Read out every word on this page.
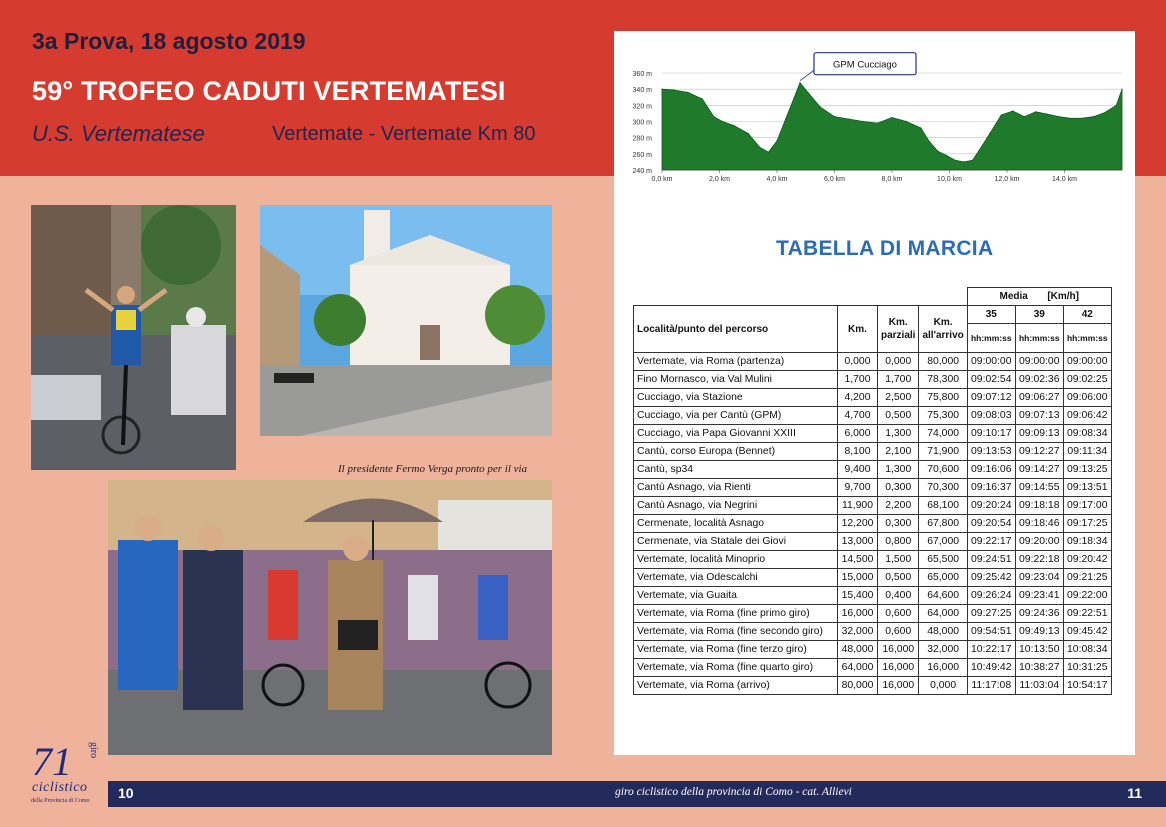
3a Prova, 18 agosto 2019
59° TROFEO CADUTI VERTEMATESI
U.S. Vertematese	Vertemate - Vertemate Km 80
Il presidente Fermo Verga pronto per il via
360 m
340 m
320 m
300 m
280 m
260 m
240 m
0,0 km	2,0 km	4,0 km	6,0 km	8,0 km	10,0 km	12,0 km	14,0 km
GPM Cucciago
TABELLA DI MARCIA
				Media [Km/h]		
Località/punto del percorso	Km.	Km. parziali	Km. all'arrivo	35	39	42
				hh:mm:ss	hh:mm:ss	hh:mm:ss
Vertemate, via Roma (partenza)	0,000	0,000	80,000	09:00:00	09:00:00	09:00:00
Fino Mornasco, via Val Mulini	1,700	1,700	78,300	09:02:54	09:02:36	09:02:25
Cucciago, via Stazione	4,200	2,500	75,800	09:07:12	09:06:27	09:06:00
Cucciago, via per Cantù (GPM)	4,700	0,500	75,300	09:08:03	09:07:13	09:06:42
Cucciago, via Papa Giovanni XXIII	6,000	1,300	74,000	09:10:17	09:09:13	09:08:34
Cantù, corso Europa (Bennet)	8,100	2,100	71,900	09:13:53	09:12:27	09:11:34
Cantù, sp34	9,400	1,300	70,600	09:16:06	09:14:27	09:13:25
Cantù Asnago, via Rienti	9,700	0,300	70,300	09:16:37	09:14:55	09:13:51
Cantù Asnago, via Negrini	11,900	2,200	68,100	09:20:24	09:18:18	09:17:00
Cermenate, località Asnago	12,200	0,300	67,800	09:20:54	09:18:46	09:17:25
Cermenate, via Statale dei Giovi	13,000	0,800	67,000	09:22:17	09:20:00	09:18:34
Vertemate, località Minoprio	14,500	1,500	65,500	09:24:51	09:22:18	09:20:42
Vertemate, via Odescalchi	15,000	0,500	65,000	09:25:42	09:23:04	09:21:25
Vertemate, via Guaita	15,400	0,400	64,600	09:26:24	09:23:41	09:22:00
Vertemate, via Roma (fine primo giro)	16,000	0,600	64,000	09:27:25	09:24:36	09:22:51
Vertemate, via Roma (fine secondo giro)	32,000	0,600	48,000	09:54:51	09:49:13	09:45:42
Vertemate, via Roma (fine terzo giro)	48,000	16,000	32,000	10:22:17	10:13:50	10:08:34
Vertemate, via Roma (fine quarto giro)	64,000	16,000	16,000	10:49:42	10:38:27	10:31:25
Vertemate, via Roma (arrivo)	80,000	16,000	0,000	11:17:08	11:03:04	10:54:17
71 giro
ciclistico
della Provincia di Como 10	giro ciclistico della provincia di Como - cat. Allievi	11
